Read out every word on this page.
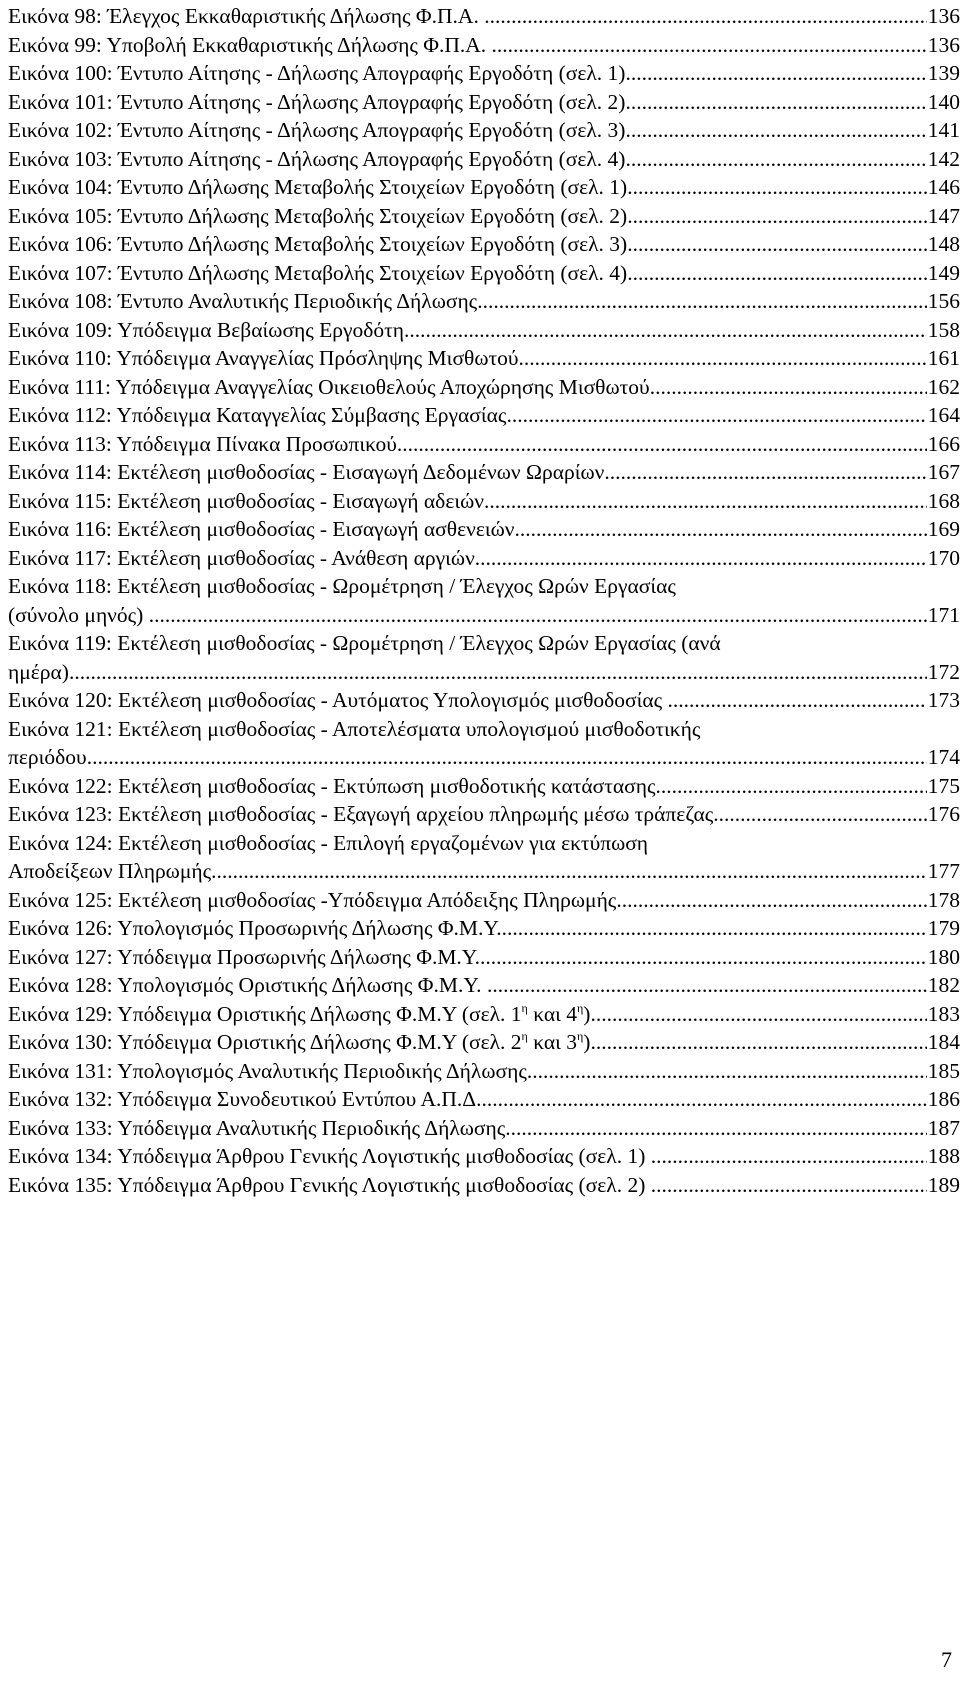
Εικόνα 98: Έλεγχος Εκκαθαριστικής Δήλωσης Φ.Π.Α. .....	136
Εικόνα 99: Υποβολή Εκκαθαριστικής Δήλωσης Φ.Π.Α. .....	136
Εικόνα 100: Έντυπο Αίτησης - Δήλωσης Απογραφής Εργοδότη (σελ. 1) .....	139
Εικόνα 101: Έντυπο Αίτησης - Δήλωσης Απογραφής Εργοδότη (σελ. 2) .....	140
Εικόνα 102: Έντυπο Αίτησης - Δήλωσης Απογραφής Εργοδότη (σελ. 3) .....	141
Εικόνα 103: Έντυπο Αίτησης - Δήλωσης Απογραφής Εργοδότη (σελ. 4) .....	142
Εικόνα 104: Έντυπο Δήλωσης Μεταβολής Στοιχείων Εργοδότη (σελ. 1) .....	146
Εικόνα 105: Έντυπο Δήλωσης Μεταβολής Στοιχείων Εργοδότη (σελ. 2) .....	147
Εικόνα 106: Έντυπο Δήλωσης Μεταβολής Στοιχείων Εργοδότη (σελ. 3) .....	148
Εικόνα 107: Έντυπο Δήλωσης Μεταβολής Στοιχείων Εργοδότη (σελ. 4) .....	149
Εικόνα 108: Έντυπο Αναλυτικής Περιοδικής Δήλωσης .....	156
Εικόνα 109: Υπόδειγμα Βεβαίωσης Εργοδότη .....	158
Εικόνα 110: Υπόδειγμα Αναγγελίας Πρόσληψης Μισθωτού .....	161
Εικόνα 111: Υπόδειγμα Αναγγελίας Οικειοθελούς Αποχώρησης Μισθωτού .....	162
Εικόνα 112: Υπόδειγμα Καταγγελίας Σύμβασης Εργασίας .....	164
Εικόνα 113: Υπόδειγμα Πίνακα Προσωπικού .....	166
Εικόνα 114: Εκτέλεση μισθοδοσίας - Εισαγωγή Δεδομένων Ωραρίων .....	167
Εικόνα 115: Εκτέλεση μισθοδοσίας - Εισαγωγή αδειών .....	168
Εικόνα 116: Εκτέλεση μισθοδοσίας - Εισαγωγή ασθενειών .....	169
Εικόνα 117: Εκτέλεση μισθοδοσίας - Ανάθεση αργιών .....	170
Εικόνα 118: Εκτέλεση μισθοδοσίας - Ωρομέτρηση / Έλεγχος Ωρών Εργασίας
(σύνολο μηνός) .....	171
Εικόνα 119: Εκτέλεση μισθοδοσίας - Ωρομέτρηση / Έλεγχος Ωρών Εργασίας (ανά
ημέρα) .....	172
Εικόνα 120: Εκτέλεση μισθοδοσίας - Αυτόματος Υπολογισμός μισθοδοσίας .....	173
Εικόνα 121: Εκτέλεση μισθοδοσίας - Αποτελέσματα υπολογισμού μισθοδοτικής
περιόδου .....	174
Εικόνα 122: Εκτέλεση μισθοδοσίας - Εκτύπωση μισθοδοτικής κατάστασης .....	175
Εικόνα 123: Εκτέλεση μισθοδοσίας - Εξαγωγή αρχείου πληρωμής μέσω τράπεζας .....	176
Εικόνα 124: Εκτέλεση μισθοδοσίας - Επιλογή εργαζομένων για εκτύπωση
Αποδείξεων Πληρωμής .....	177
Εικόνα 125: Εκτέλεση μισθοδοσίας -Υπόδειγμα Απόδειξης Πληρωμής .....	178
Εικόνα 126: Υπολογισμός Προσωρινής Δήλωσης Φ.Μ.Υ. .....	179
Εικόνα 127: Υπόδειγμα Προσωρινής Δήλωσης Φ.Μ.Υ. .....	180
Εικόνα 128: Υπολογισμός Οριστικής Δήλωσης Φ.Μ.Υ. .....	182
Εικόνα 129: Υπόδειγμα Οριστικής Δήλωσης Φ.Μ.Υ (σελ. $1^\eta$ και $4^\eta$) .....	183
Εικόνα 130: Υπόδειγμα Οριστικής Δήλωσης Φ.Μ.Υ (σελ. $2^\eta$ και $3^\eta$) .....	184
Εικόνα 131: Υπολογισμός Αναλυτικής Περιοδικής Δήλωσης .....	185
Εικόνα 132: Υπόδειγμα Συνοδευτικού Εντύπου Α.Π.Δ. .....	186
Εικόνα 133: Υπόδειγμα Αναλυτικής Περιοδικής Δήλωσης .....	187
Εικόνα 134: Υπόδειγμα Άρθρου Γενικής Λογιστικής μισθοδοσίας (σελ. 1) .....	188
Εικόνα 135: Υπόδειγμα Άρθρου Γενικής Λογιστικής μισθοδοσίας (σελ. 2) .....	189
7
